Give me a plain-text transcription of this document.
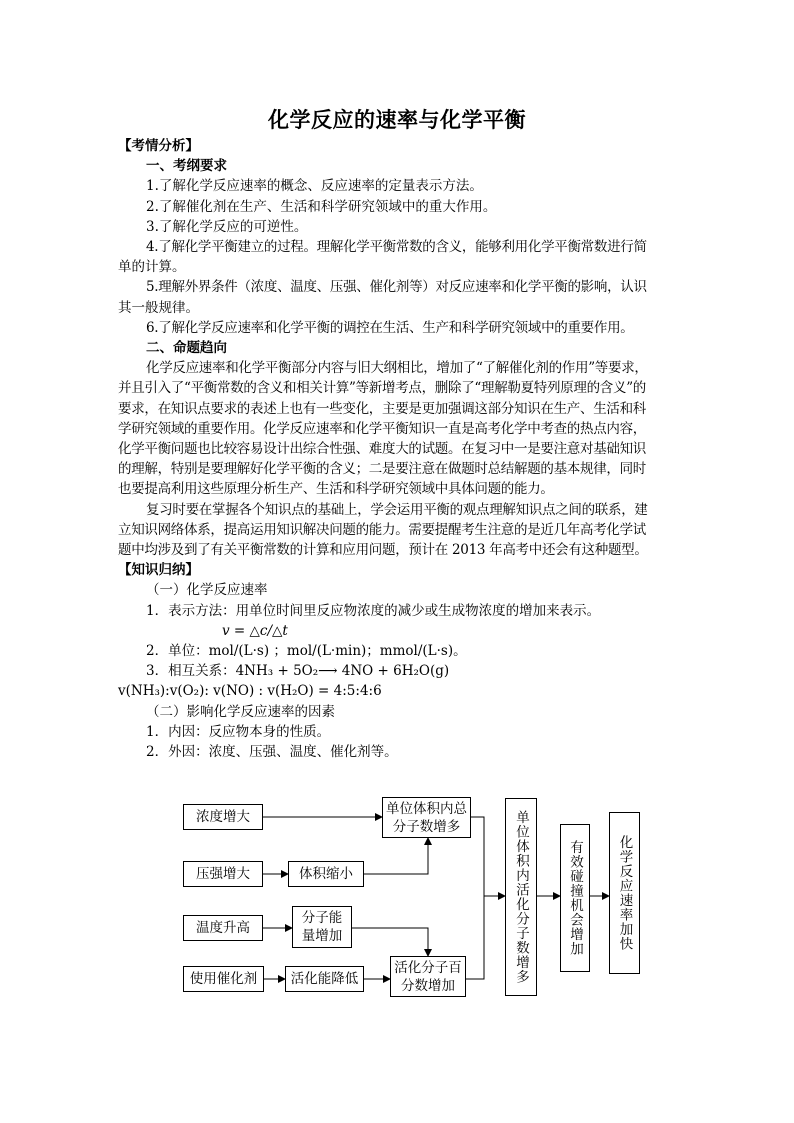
化学反应的速率与化学平衡

【考情分析】

一、考纲要求

1.了解化学反应速率的概念、反应速率的定量表示方法。

2.了解催化剂在生产、生活和科学研究领域中的重大作用。

3.了解化学反应的可逆性。

4.了解化学平衡建立的过程。理解化学平衡常数的含义，能够利用化学平衡常数进行简

单的计算。

5.理解外界条件（浓度、温度、压强、催化剂等）对反应速率和化学平衡的影响，认识

其一般规律。

6.了解化学反应速率和化学平衡的调控在生活、生产和科学研究领域中的重要作用。

二、命题趋向

化学反应速率和化学平衡部分内容与旧大纲相比，增加了“了解催化剂的作用”等要求，

并且引入了“平衡常数的含义和相关计算”等新增考点，删除了“理解勒夏特列原理的含义”的

要求，在知识点要求的表述上也有一些变化，主要是更加强调这部分知识在生产、生活和科

学研究领域的重要作用。化学反应速率和化学平衡知识一直是高考化学中考查的热点内容，

化学平衡问题也比较容易设计出综合性强、难度大的试题。在复习中一是要注意对基础知识

的理解，特别是要理解好化学平衡的含义；二是要注意在做题时总结解题的基本规律，同时

也要提高利用这些原理分析生产、生活和科学研究领域中具体问题的能力。

复习时要在掌握各个知识点的基础上，学会运用平衡的观点理解知识点之间的联系，建

立知识网络体系，提高运用知识解决问题的能力。需要提醒考生注意的是近几年高考化学试

题中均涉及到了有关平衡常数的计算和应用问题，预计在 2013 年高考中还会有这种题型。

【知识归纳】

（一）化学反应速率

1．表示方法：用单位时间里反应物浓度的减少或生成物浓度的增加来表示。

v = △c/△t

2．单位：mol/(L·s) ；mol/(L·min)；mmol/(L·s)。

3．相互关系：4NH₃ + 5O₂⟶ 4NO + 6H₂O(g)

v(NH₃):v(O₂): v(NO) : v(H₂O) = 4:5:4:6

（二）影响化学反应速率的因素

1．内因：反应物本身的性质。

2．外因：浓度、压强、温度、催化剂等。

浓度增大
压强增大
温度升高
使用催化剂
体积缩小
分子能量增加
活化能降低
单位体积内总分子数增多
活化分子百分数增加
单位体积内活化分子数增多	有效碰撞机会增加	化学反应速率加快
